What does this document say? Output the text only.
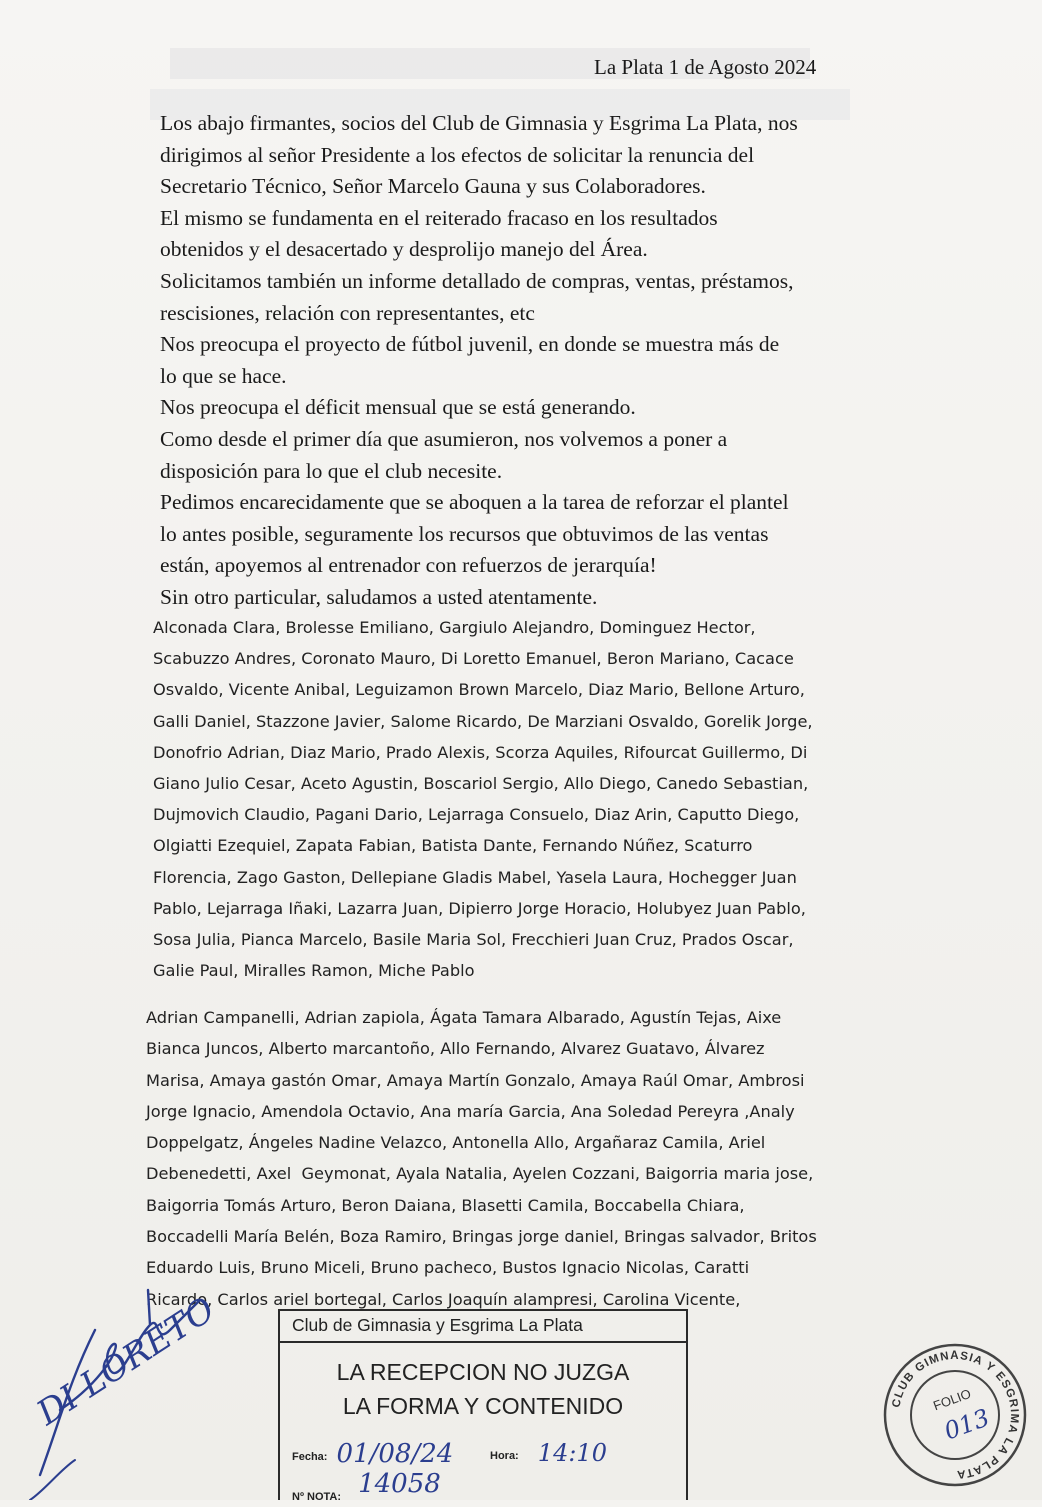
La Plata 1 de Agosto 2024

Los abajo firmantes, socios del Club de Gimnasia y Esgrima La Plata, nos

dirigimos al señor Presidente a los efectos de solicitar la renuncia del

Secretario Técnico, Señor Marcelo Gauna y sus Colaboradores.

El mismo se fundamenta en el reiterado fracaso en los resultados

obtenidos y el desacertado y desprolijo manejo del Área.

Solicitamos también un informe detallado de compras, ventas, préstamos,

rescisiones, relación con representantes, etc

Nos preocupa el proyecto de fútbol juvenil, en donde se muestra más de

lo que se hace.

Nos preocupa el déficit mensual que se está generando.

Como desde el primer día que asumieron, nos volvemos a poner a

disposición para lo que el club necesite.

Pedimos encarecidamente que se aboquen a la tarea de reforzar el plantel

lo antes posible, seguramente los recursos que obtuvimos de las ventas

están, apoyemos al entrenador con refuerzos de jerarquía!

Sin otro particular, saludamos a usted atentamente.

Alconada Clara, Brolesse Emiliano, Gargiulo Alejandro, Dominguez Hector,

Scabuzzo Andres, Coronato Mauro, Di Loretto Emanuel, Beron Mariano, Cacace

Osvaldo, Vicente Anibal, Leguizamon Brown Marcelo, Diaz Mario, Bellone Arturo,

Galli Daniel, Stazzone Javier, Salome Ricardo, De Marziani Osvaldo, Gorelik Jorge,

Donofrio Adrian, Diaz Mario, Prado Alexis, Scorza Aquiles, Rifourcat Guillermo, Di

Giano Julio Cesar, Aceto Agustin, Boscariol Sergio, Allo Diego, Canedo Sebastian,

Dujmovich Claudio, Pagani Dario, Lejarraga Consuelo, Diaz Arin, Caputto Diego,

Olgiatti Ezequiel, Zapata Fabian, Batista Dante, Fernando Núñez, Scaturro

Florencia, Zago Gaston, Dellepiane Gladis Mabel, Yasela Laura, Hochegger Juan

Pablo, Lejarraga Iñaki, Lazarra Juan, Dipierro Jorge Horacio, Holubyez Juan Pablo,

Sosa Julia, Pianca Marcelo, Basile Maria Sol, Frecchieri Juan Cruz, Prados Oscar,

Galie Paul, Miralles Ramon, Miche Pablo

Adrian Campanelli, Adrian zapiola, Ágata Tamara Albarado, Agustín Tejas, Aixe

Bianca Juncos, Alberto marcantoño, Allo Fernando, Alvarez Guatavo, Álvarez

Marisa, Amaya gastón Omar, Amaya Martín Gonzalo, Amaya Raúl Omar, Ambrosi

Jorge Ignacio, Amendola Octavio, Ana maría Garcia, Ana Soledad Pereyra ,Analy

Doppelgatz, Ángeles Nadine Velazco, Antonella Allo, Argañaraz Camila, Ariel

Debenedetti, Axel  Geymonat, Ayala Natalia, Ayelen Cozzani, Baigorria maria jose,

Baigorria Tomás Arturo, Beron Daiana, Blasetti Camila, Boccabella Chiara,

Boccadelli María Belén, Boza Ramiro, Bringas jorge daniel, Bringas salvador, Britos

Eduardo Luis, Bruno Miceli, Bruno pacheco, Bustos Ignacio Nicolas, Caratti

Ricardo, Carlos ariel bortegal, Carlos Joaquín alampresi, Carolina Vicente,

Club de Gimnasia y Esgrima La Plata
LA RECEPCION NO JUZGA
LA FORMA Y CONTENIDO
Fecha: 01/08/24	Hora: 14:10
Nº NOTA: 14058
DI LORETO	CLUB GIMNASIA Y ESGRIMA LA PLATA
FOLIO
013
